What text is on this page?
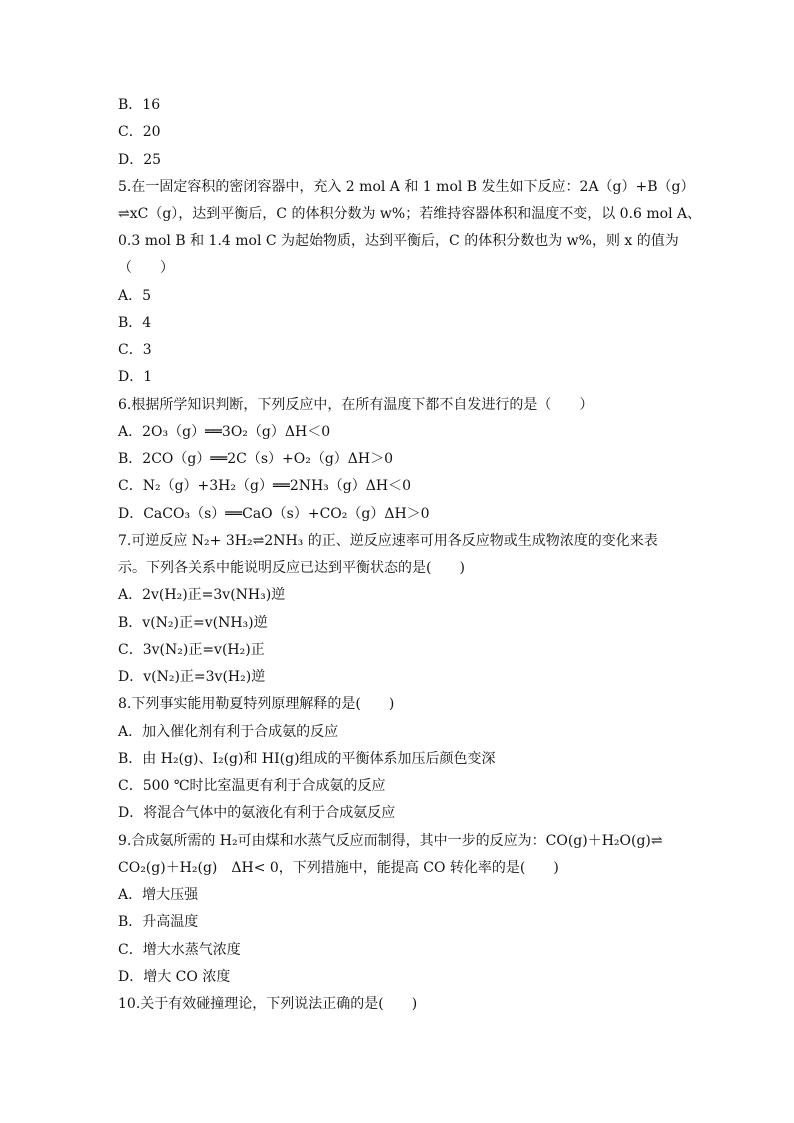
B．16
C．20
D．25
5.在一固定容积的密闭容器中，充入 2 mol A 和 1 mol B 发生如下反应：2A（g）+B（g）
⇌xC（g），达到平衡后，C 的体积分数为 w%；若维持容器体积和温度不变，以 0.6 mol A、
0.3 mol B 和 1.4 mol C 为起始物质，达到平衡后，C 的体积分数也为 w%，则 x 的值为
（　　）
A．5
B．4
C．3
D．1
6.根据所学知识判断，下列反应中，在所有温度下都不自发进行的是（　　）
A．2O₃（g）══3O₂（g）ΔH＜0
B．2CO（g）══2C（s）+O₂（g）ΔH＞0
C．N₂（g）+3H₂（g）══2NH₃（g）ΔH＜0
D．CaCO₃（s）══CaO（s）+CO₂（g）ΔH＞0
7.可逆反应 N₂+ 3H₂⇌2NH₃ 的正、逆反应速率可用各反应物或生成物浓度的变化来表
示。下列各关系中能说明反应已达到平衡状态的是(　　)
A．2v(H₂)正=3v(NH₃)逆
B．v(N₂)正=v(NH₃)逆
C．3v(N₂)正=v(H₂)正
D．v(N₂)正=3v(H₂)逆
8.下列事实能用勒夏特列原理解释的是(　　)
A．加入催化剂有利于合成氨的反应
B．由 H₂(g)、I₂(g)和 HI(g)组成的平衡体系加压后颜色变深
C．500 ℃时比室温更有利于合成氨的反应
D．将混合气体中的氨液化有利于合成氨反应
9.合成氨所需的 H₂可由煤和水蒸气反应而制得，其中一步的反应为：CO(g)＋H₂O(g)⇌
CO₂(g)＋H₂(g)　ΔH< 0，下列措施中，能提高 CO 转化率的是(　　)
A．增大压强
B．升高温度
C．增大水蒸气浓度
D．增大 CO 浓度
10.关于有效碰撞理论，下列说法正确的是(　　)
